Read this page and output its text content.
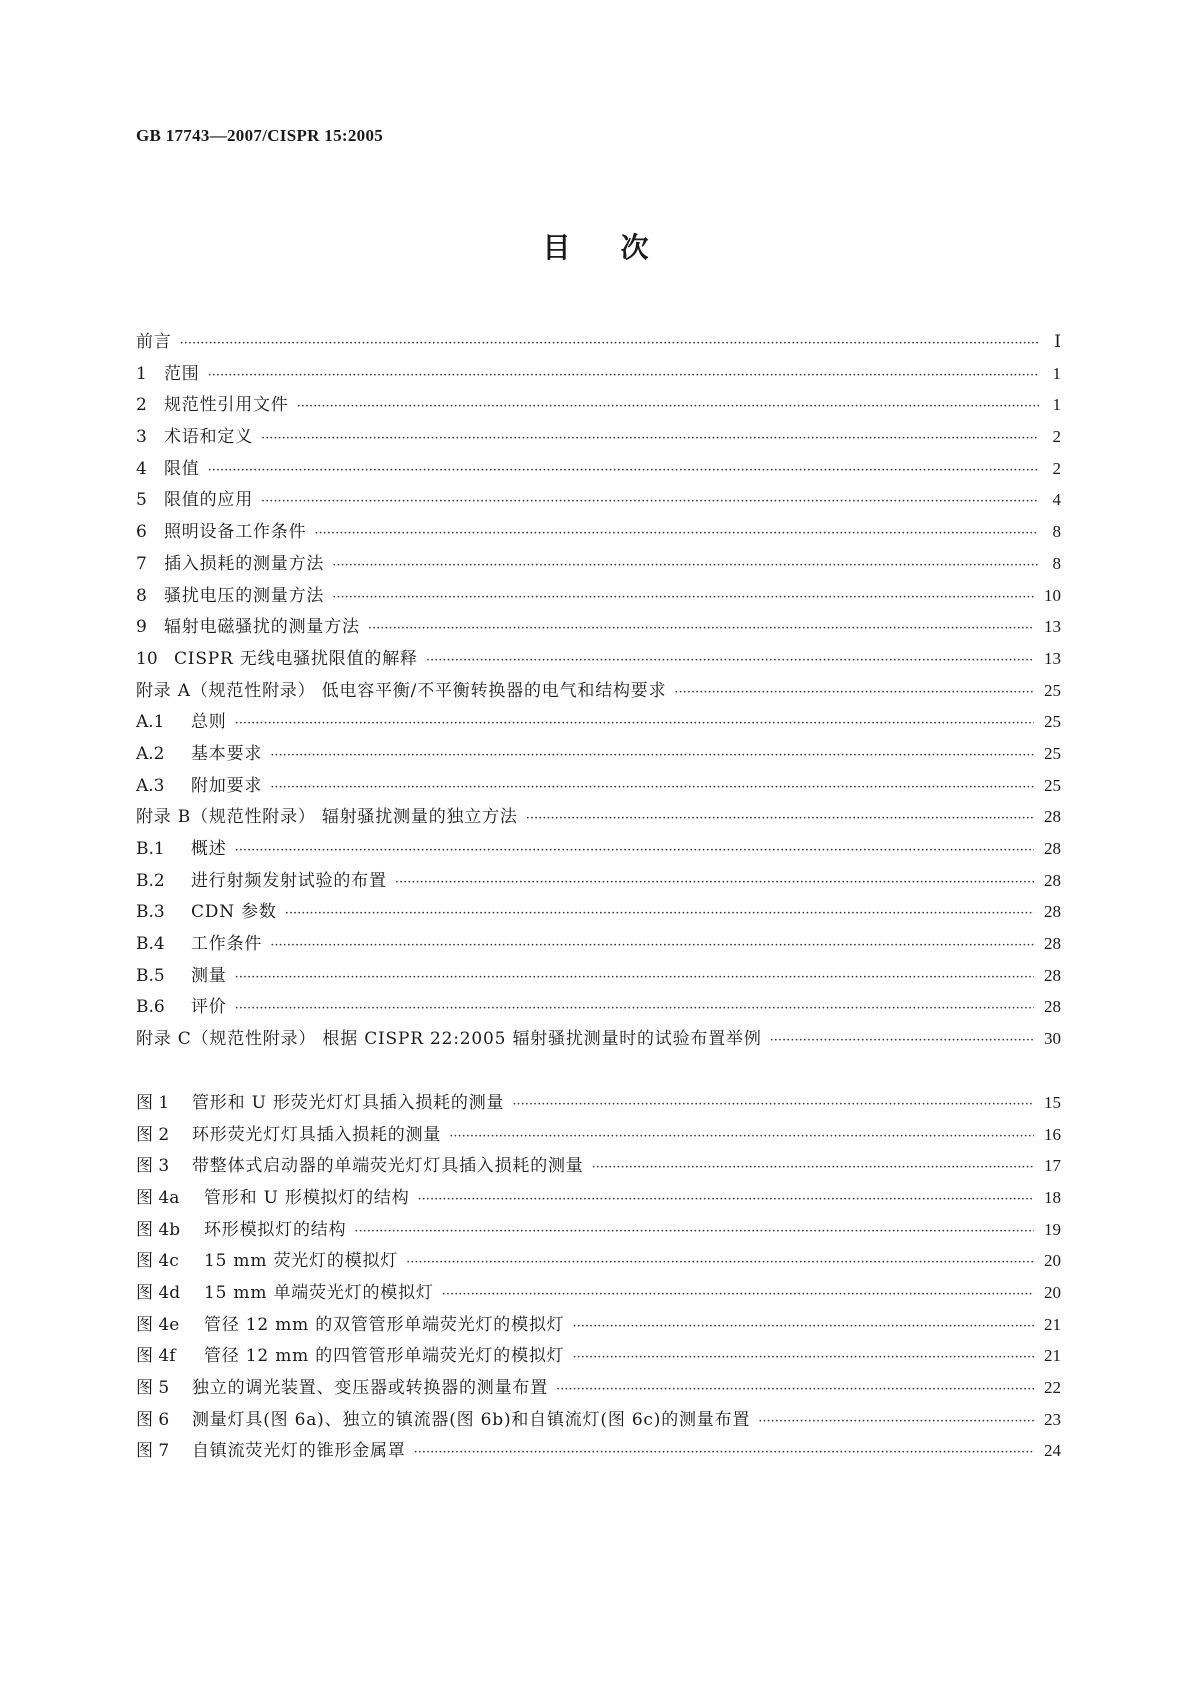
GB 17743—2007/CISPR 15:2005
目次
前言 ·····	Ⅰ
1	范围 ·····	1
2	规范性引用文件 ·····	1
3	术语和定义 ·····	2
4	限值 ·····	2
5	限值的应用 ·····	4
6	照明设备工作条件 ·····	8
7	插入损耗的测量方法 ·····	8
8	骚扰电压的测量方法 ·····	10
9	辐射电磁骚扰的测量方法 ·····	13
10 CISPR 无线电骚扰限值的解释 ·····	13
附录 A（规范性附录） 低电容平衡/不平衡转换器的电气和结构要求 ·····	25
A.1	总则 ·····	25
A.2	基本要求 ·····	25
A.3	附加要求 ·····	25
附录 B（规范性附录） 辐射骚扰测量的独立方法 ·····	28
B.1	概述 ·····	28
B.2	进行射频发射试验的布置 ·····	28
B.3	CDN 参数 ·····	28
B.4	工作条件 ·····	28
B.5	测量 ·····	28
B.6	评价 ·····	28
附录 C（规范性附录） 根据 CISPR 22:2005 辐射骚扰测量时的试验布置举例 ·····	30
图 1	管形和 U 形荧光灯灯具插入损耗的测量 ·····	15
图 2	环形荧光灯灯具插入损耗的测量 ·····	16
图 3	带整体式启动器的单端荧光灯灯具插入损耗的测量 ·····	17
图 4a	管形和 U 形模拟灯的结构 ·····	18
图 4b	环形模拟灯的结构 ·····	19
图 4c	15 mm 荧光灯的模拟灯 ·····	20
图 4d	15 mm 单端荧光灯的模拟灯 ·····	20
图 4e	管径 12 mm 的双管管形单端荧光灯的模拟灯 ·····	21
图 4f	管径 12 mm 的四管管形单端荧光灯的模拟灯 ·····	21
图 5	独立的调光装置、变压器或转换器的测量布置 ·····	22
图 6	测量灯具(图 6a)、独立的镇流器(图 6b)和自镇流灯(图 6c)的测量布置 ·····	23
图 7	自镇流荧光灯的锥形金属罩 ·····	24
